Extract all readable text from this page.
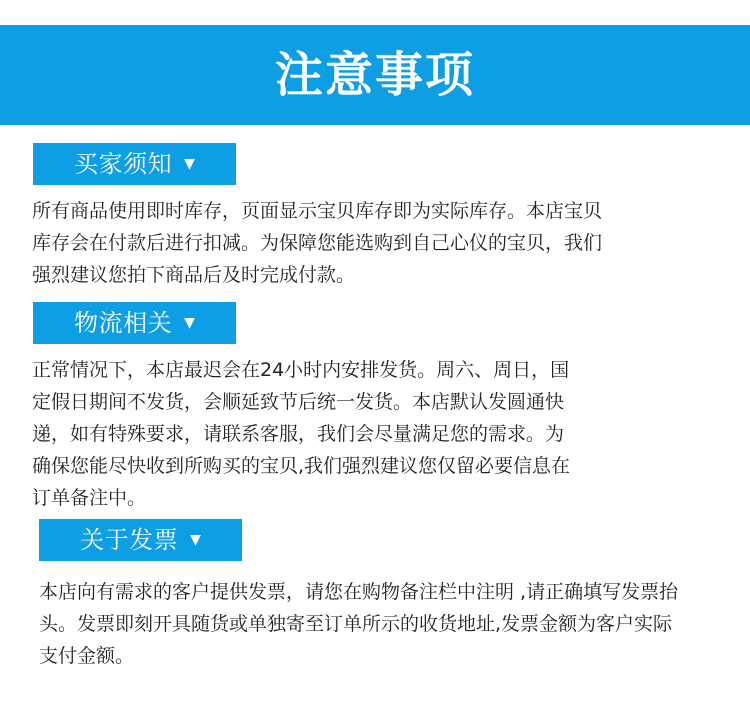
注意事项
买家须知 ▼

所有商品使用即时库存，页面显示宝贝库存即为实际库存。本店宝贝库存会在付款后进行扣减。为保障您能选购到自己心仪的宝贝，我们强烈建议您拍下商品后及时完成付款。

物流相关 ▼

正常情况下，本店最迟会在24小时内安排发货。周六、周日，国定假日期间不发货，会顺延致节后统一发货。本店默认发圆通快递，如有特殊要求，请联系客服，我们会尽量满足您的需求。为确保您能尽快收到所购买的宝贝,我们强烈建议您仅留必要信息在订单备注中。

关于发票 ▼

本店向有需求的客户提供发票，请您在购物备注栏中注明 ,请正确填写发票抬头。发票即刻开具随货或单独寄至订单所示的收货地址,发票金额为客户实际支付金额。
